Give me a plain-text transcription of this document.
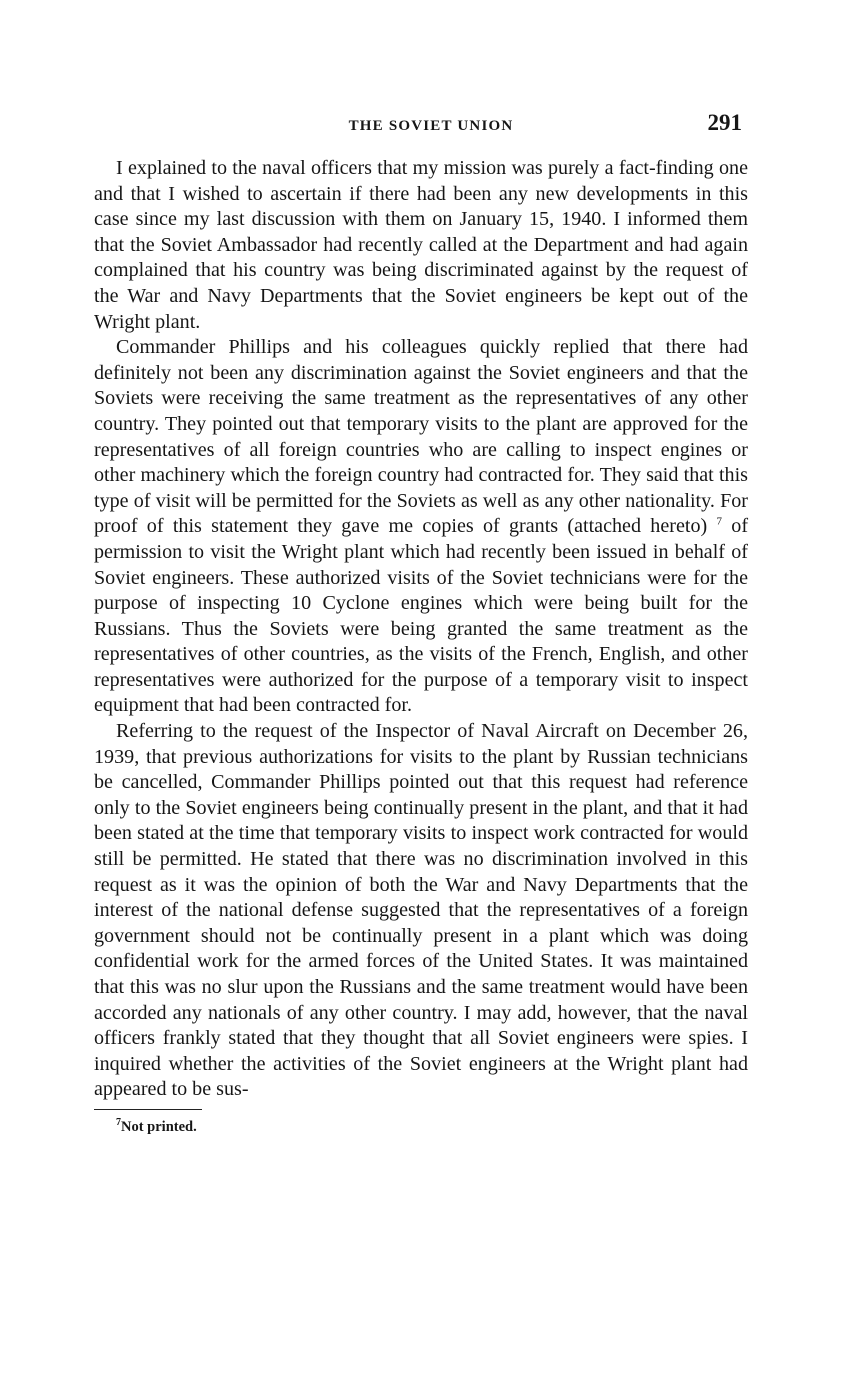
THE SOVIET UNION	291

I explained to the naval officers that my mission was purely a fact-finding one and that I wished to ascertain if there had been any new developments in this case since my last discussion with them on January 15, 1940. I informed them that the Soviet Ambassador had recently called at the Department and had again complained that his country was being discriminated against by the request of the War and Navy Departments that the Soviet engineers be kept out of the Wright plant.

Commander Phillips and his colleagues quickly replied that there had definitely not been any discrimination against the Soviet engineers and that the Soviets were receiving the same treatment as the representatives of any other country. They pointed out that temporary visits to the plant are approved for the representatives of all foreign countries who are calling to inspect engines or other machinery which the foreign country had contracted for. They said that this type of visit will be permitted for the Soviets as well as any other nationality. For proof of this statement they gave me copies of grants (attached hereto) $^7$ of permission to visit the Wright plant which had recently been issued in behalf of Soviet engineers. These authorized visits of the Soviet technicians were for the purpose of inspecting 10 Cyclone engines which were being built for the Russians. Thus the Soviets were being granted the same treatment as the representatives of other countries, as the visits of the French, English, and other representatives were authorized for the purpose of a temporary visit to inspect equipment that had been contracted for.

Referring to the request of the Inspector of Naval Aircraft on December 26, 1939, that previous authorizations for visits to the plant by Russian technicians be cancelled, Commander Phillips pointed out that this request had reference only to the Soviet engineers being continually present in the plant, and that it had been stated at the time that temporary visits to inspect work contracted for would still be permitted. He stated that there was no discrimination involved in this request as it was the opinion of both the War and Navy Departments that the interest of the national defense suggested that the representatives of a foreign government should not be continually present in a plant which was doing confidential work for the armed forces of the United States. It was maintained that this was no slur upon the Russians and the same treatment would have been accorded any nationals of any other country. I may add, however, that the naval officers frankly stated that they thought that all Soviet engineers were spies. I inquired whether the activities of the Soviet engineers at the Wright plant had appeared to be sus-

$^7$Not printed.
